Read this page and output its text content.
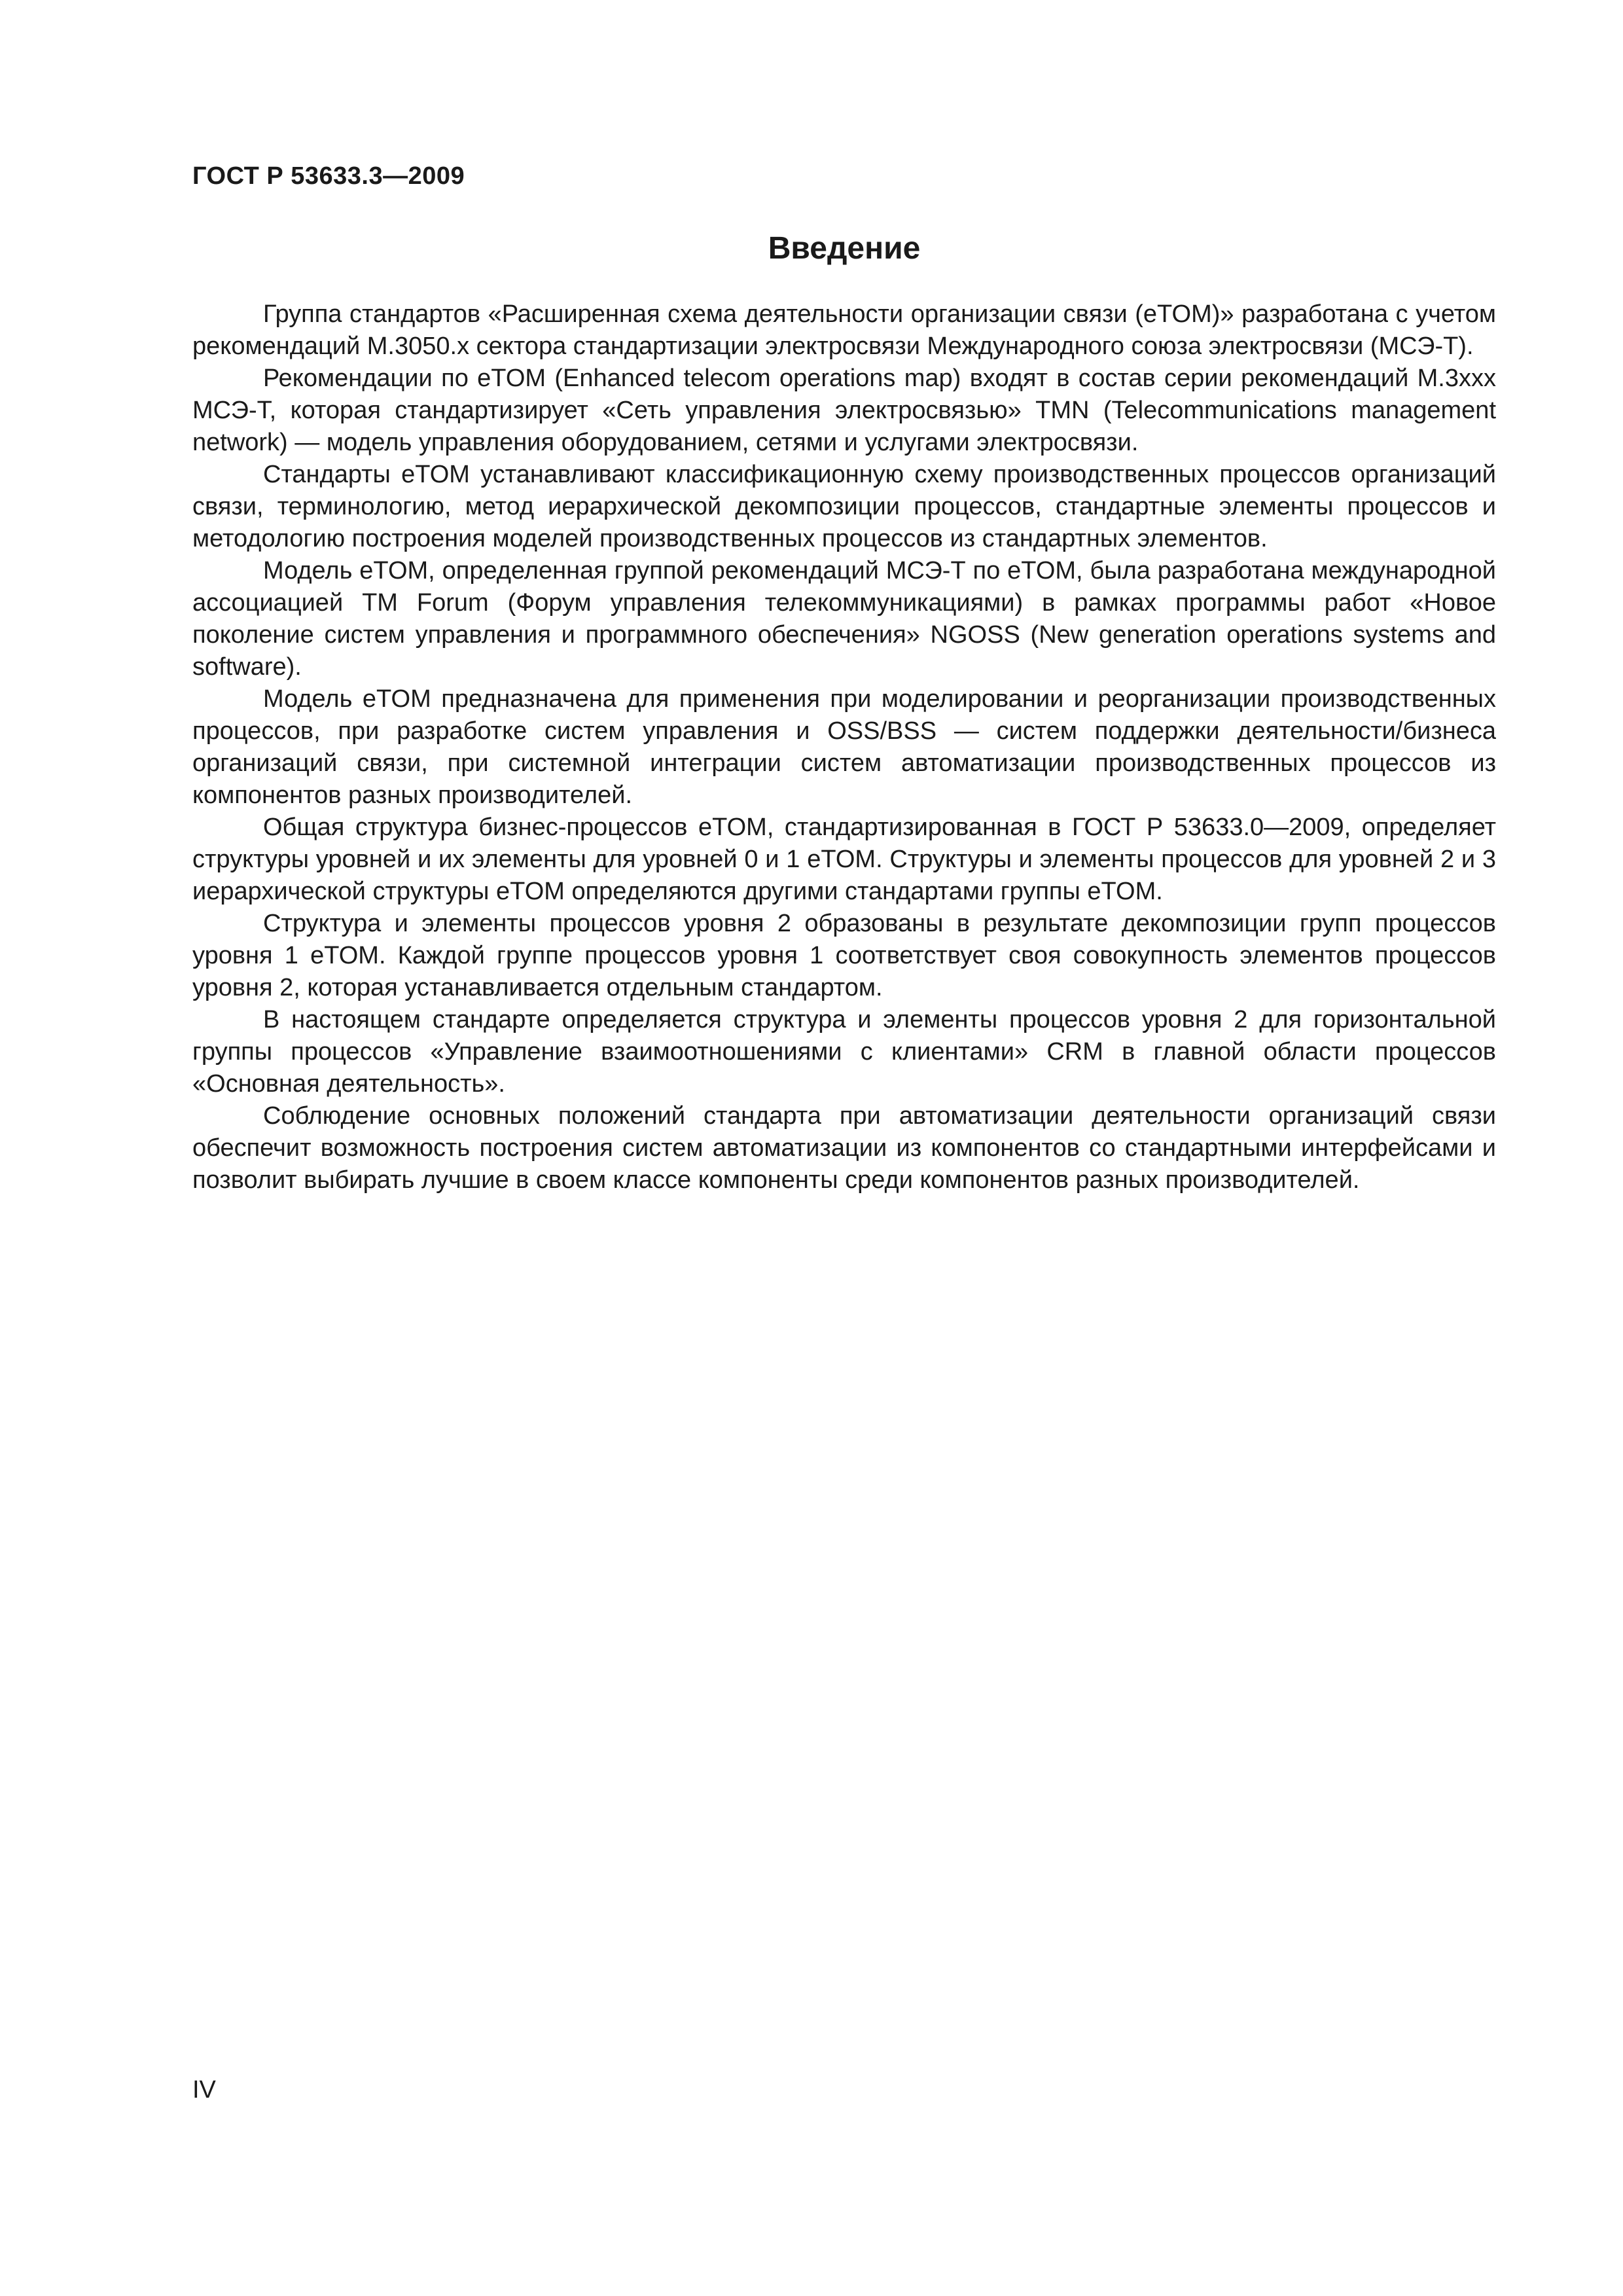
ГОСТ Р 53633.3—2009
Введение

Группа стандартов «Расширенная схема деятельности организации связи (eTOM)» разработана с учетом рекомендаций М.3050.х сектора стандартизации электросвязи Международного союза электросвязи (МСЭ-Т).

Рекомендации по eTOM (Enhanced telecom operations map) входят в состав серии рекомендаций М.3ххх МСЭ-Т, которая стандартизирует «Сеть управления электросвязью» TMN (Telecommunications management network) — модель управления оборудованием, сетями и услугами электросвязи.

Стандарты eTOM устанавливают классификационную схему производственных процессов организаций связи, терминологию, метод иерархической декомпозиции процессов, стандартные элементы процессов и методологию построения моделей производственных процессов из стандартных элементов.

Модель eTOM, определенная группой рекомендаций МСЭ-Т по eTOM, была разработана международной ассоциацией TM Forum (Форум управления телекоммуникациями) в рамках программы работ «Новое поколение систем управления и программного обеспечения» NGOSS (New generation operations systems and software).

Модель eTOM предназначена для применения при моделировании и реорганизации производственных процессов, при разработке систем управления и OSS/BSS — систем поддержки деятельности/бизнеса организаций связи, при системной интеграции систем автоматизации производственных процессов из компонентов разных производителей.

Общая структура бизнес-процессов eTOM, стандартизированная в ГОСТ Р 53633.0—2009, определяет структуры уровней и их элементы для уровней 0 и 1 eTOM. Структуры и элементы процессов для уровней 2 и 3 иерархической структуры eTOM определяются другими стандартами группы eTOM.

Структура и элементы процессов уровня 2 образованы в результате декомпозиции групп процессов уровня 1 eTOM. Каждой группе процессов уровня 1 соответствует своя совокупность элементов процессов уровня 2, которая устанавливается отдельным стандартом.

В настоящем стандарте определяется структура и элементы процессов уровня 2 для горизонтальной группы процессов «Управление взаимоотношениями с клиентами» CRM в главной области процессов «Основная деятельность».

Соблюдение основных положений стандарта при автоматизации деятельности организаций связи обеспечит возможность построения систем автоматизации из компонентов со стандартными интерфейсами и позволит выбирать лучшие в своем классе компоненты среди компонентов разных производителей.

IV
